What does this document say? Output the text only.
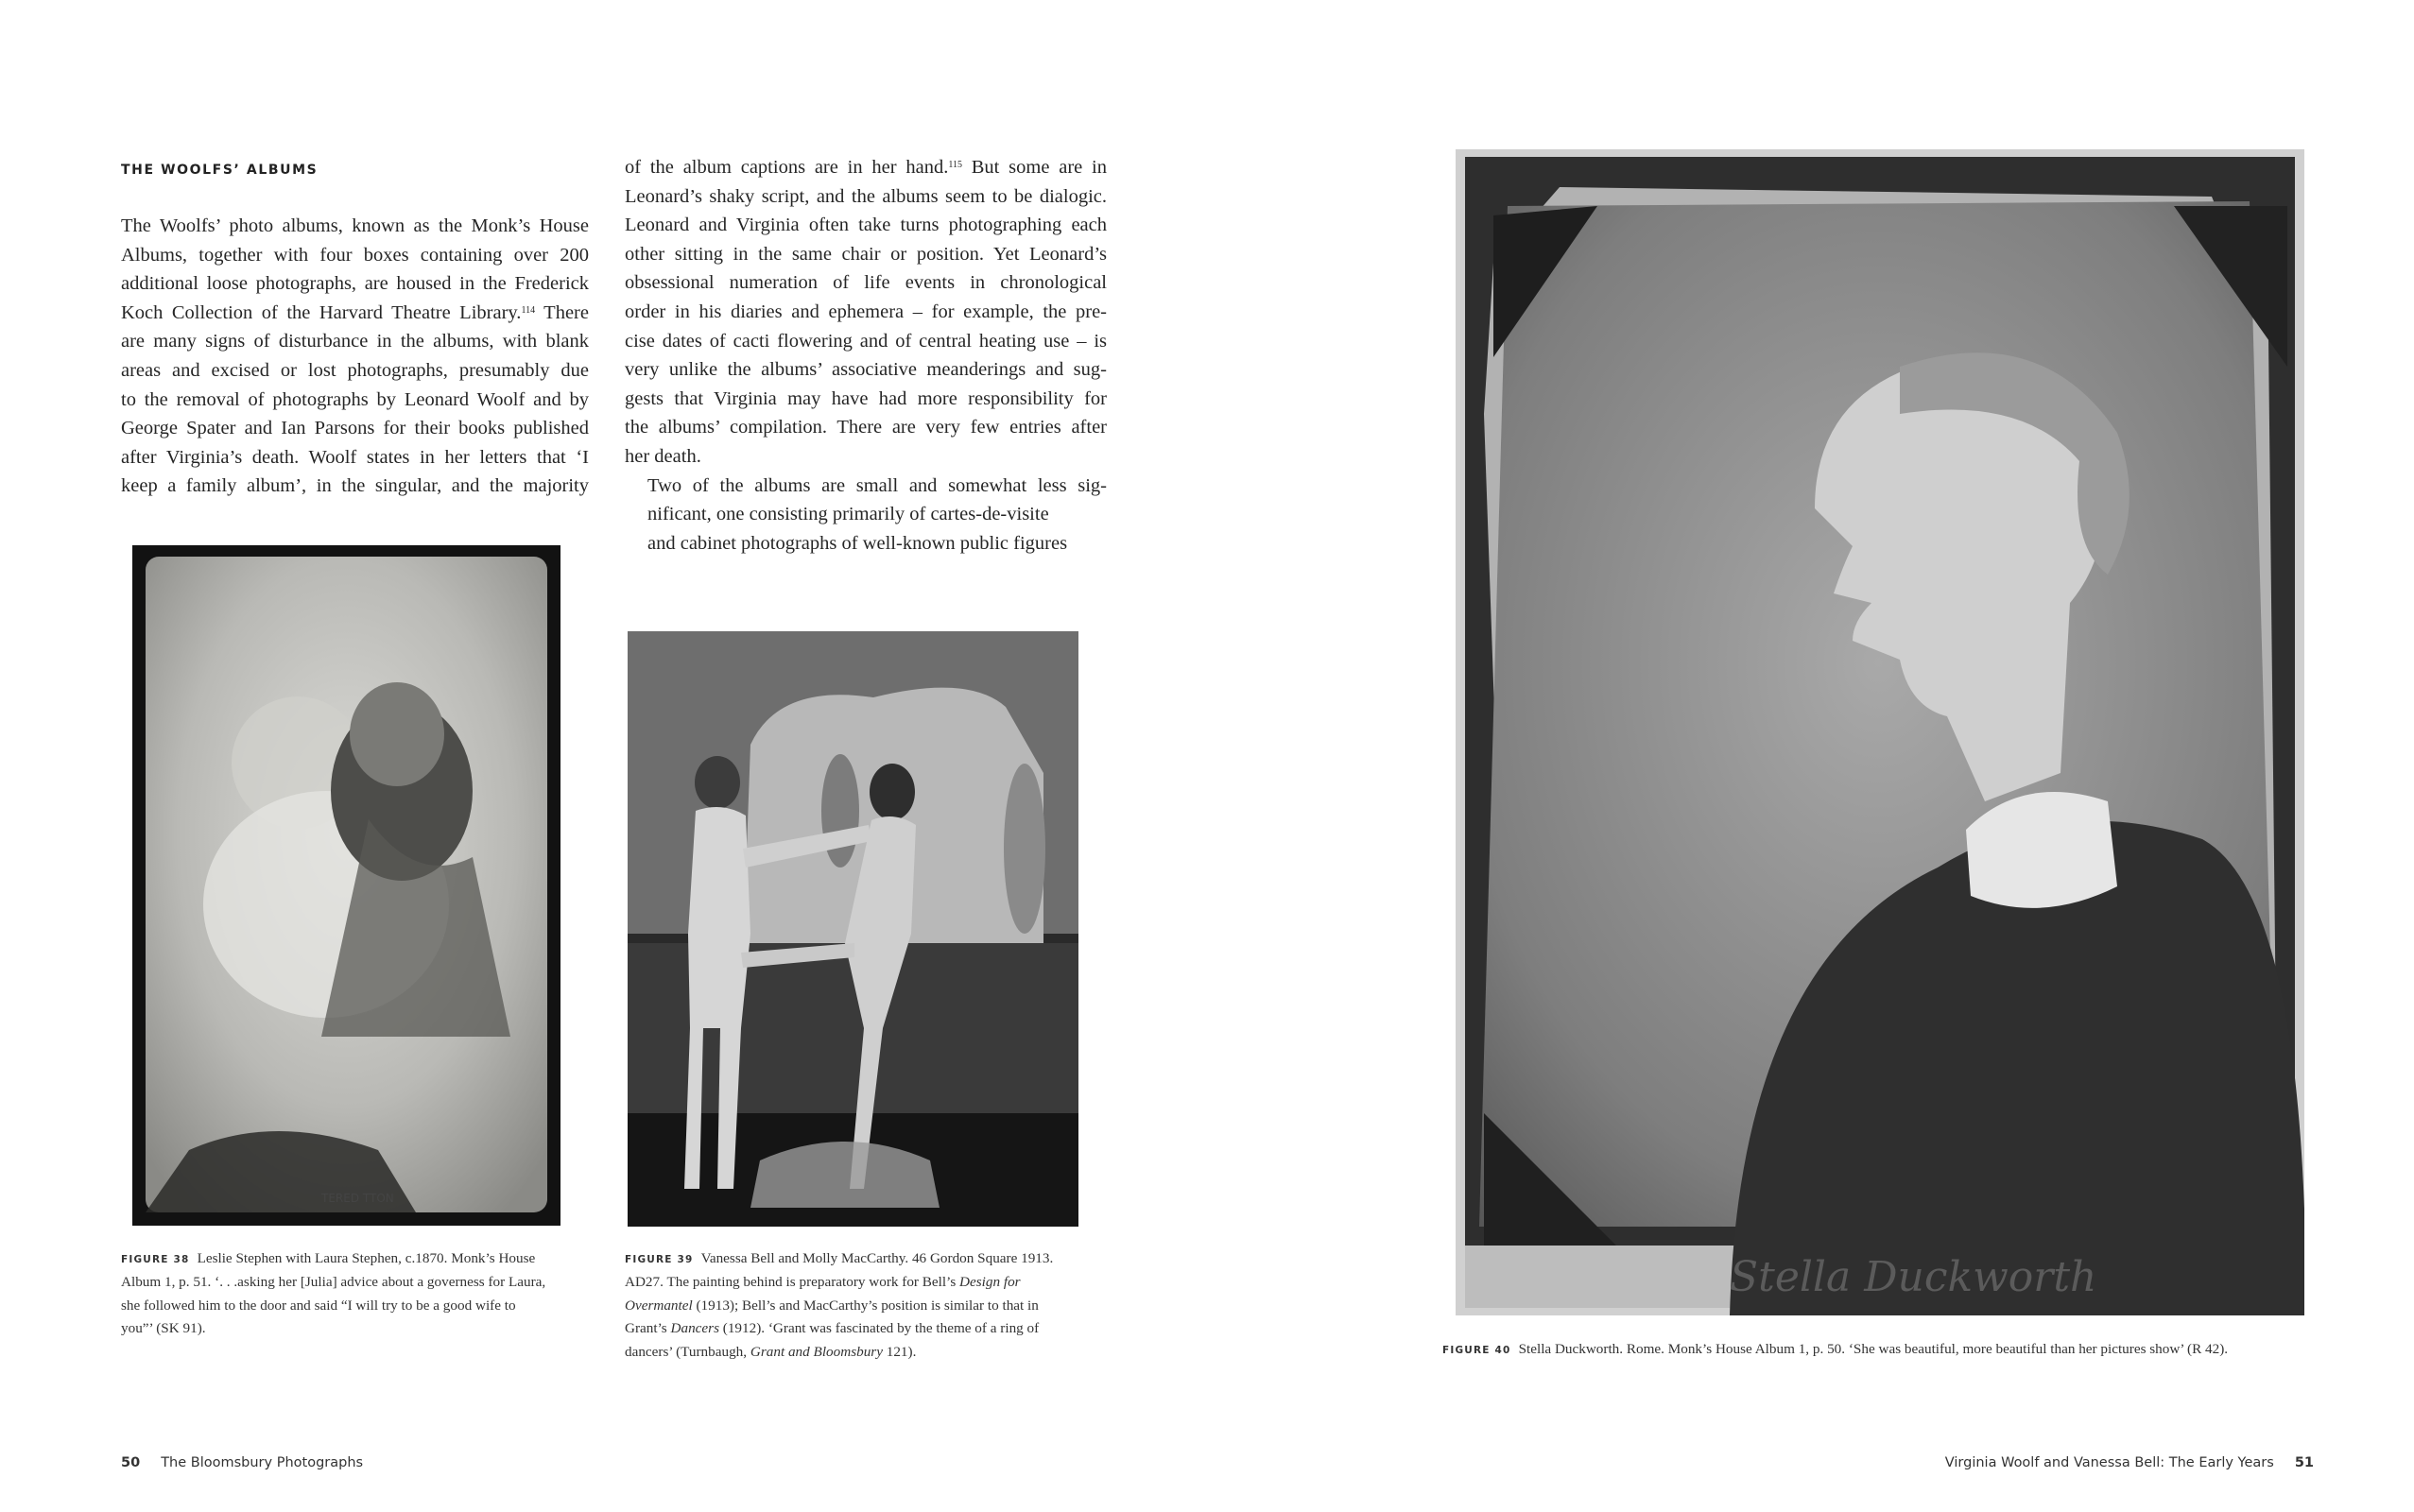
THE WOOLFS’ ALBUMS

The Woolfs’ photo albums, known as the Monk’s House
Albums, together with four boxes containing over 200
additional loose photographs, are housed in the Frederick
Koch Collection of the Harvard Theatre Library.$^{114}$ There
are many signs of disturbance in the albums, with blank
areas and excised or lost photographs, presumably due
to the removal of photographs by Leonard Woolf and by
George Spater and Ian Parsons for their books published
after Virginia’s death. Woolf states in her letters that ‘I
keep a family album’, in the singular, and the majority

of the album captions are in her hand.$^{115}$ But some are in
Leonard’s shaky script, and the albums seem to be dialogic.
Leonard and Virginia often take turns photographing each
other sitting in the same chair or position. Yet Leonard’s
obsessional numeration of life events in chronological
order in his diaries and ephemera – for example, the pre-
cise dates of cacti flowering and of central heating use – is
very unlike the albums’ associative meanderings and sug-
gests that Virginia may have had more responsibility for
the albums’ compilation. There are very few entries after
her death.

Two of the albums are small and somewhat less sig-
nificant, one consisting primarily of cartes-de-visite
and cabinet photographs of well-known public figures

TERED TTON
FIGURE 38 Leslie Stephen with Laura Stephen, c.1870. Monk’s House
Album 1, p. 51. ‘. . .asking her [Julia] advice about a governess for Laura,
she followed him to the door and said “I will try to be a good wife to
you”’ (SK 91).
FIGURE 39 Vanessa Bell and Molly MacCarthy. 46 Gordon Square 1913.
AD27. The painting behind is preparatory work for Bell’s Design for
Overmantel (1913); Bell’s and MacCarthy’s position is similar to that in
Grant’s Dancers (1912). ‘Grant was fascinated by the theme of a ring of
dancers’ (Turnbaugh, Grant and Bloomsbury 121).
50 The Bloomsbury Photographs
Stella Duckworth
FIGURE 40 Stella Duckworth. Rome. Monk’s House Album 1, p. 50. ‘She was beautiful, more beautiful than her pictures show’ (R 42).
Virginia Woolf and Vanessa Bell: The Early Years 51
